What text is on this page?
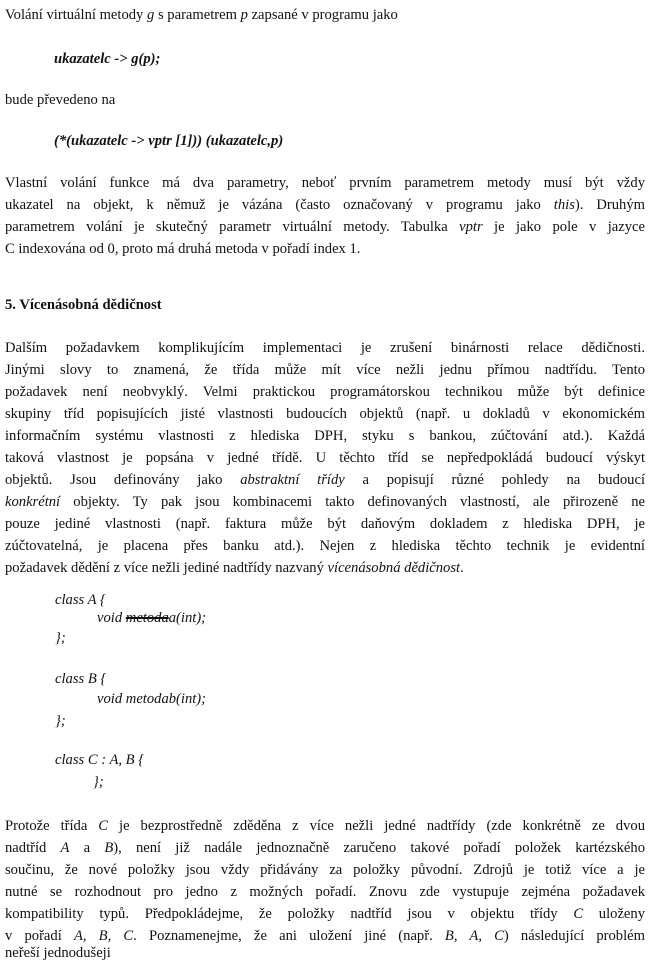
Volání virtuální metody g s parametrem p zapsané v programu jako
ukazatelc -> g(p);
bude převedeno na
(*(ukazatelc -> vptr [1])) (ukazatelc,p)
Vlastní volání funkce má dva parametry, neboť prvním parametrem metody musí být vždy
ukazatel na objekt, k němuž je vázána (často označovaný v programu jako this). Druhým
parametrem volání je skutečný parametr virtuální metody. Tabulka vptr je jako pole v jazyce
C indexována od 0, proto má druhá metoda v pořadí index 1.
5. Vícenásobná dědičnost
Dalším požadavkem komplikujícím implementaci je zrušení binárnosti relace dědičnosti.
Jinými slovy to znamená, že třída může mít více nežli jednu přímou nadtřídu. Tento
požadavek není neobvyklý. Velmi praktickou programátorskou technikou může být definice
skupiny tříd popisujících jisté vlastnosti budoucích objektů (např. u dokladů v ekonomickém
informačním systému vlastnosti z hlediska DPH, styku s bankou, zúčtování atd.). Každá
taková vlastnost je popsána v jedné třídě. U těchto tříd se nepředpokládá budoucí výskyt
objektů. Jsou definovány jako abstraktní třídy a popisují různé pohledy na budoucí
konkrétní objekty. Ty pak jsou kombinacemi takto definovaných vlastností, ale přirozeně ne
pouze jediné vlastnosti (např. faktura může být daňovým dokladem z hlediska DPH, je
zúčtovatelná, je placena přes banku atd.). Nejen z hlediska těchto technik je evidentní
požadavek dědění z více nežli jediné nadtřídy nazvaný vícenásobná dědičnost.
class A {
void metodaa(int);
};
class B {
void metodab(int);
};
class C : A, B {
};
Protože třída C je bezprostředně zděděna z více nežli jedné nadtřídy (zde konkrétně ze dvou
nadtříd A a B), není již nadále jednoznačně zaručeno takové pořadí položek kartézského
součinu, že nové položky jsou vždy přidávány za položky původní. Zdrojů je totiž více a je
nutné se rozhodnout pro jedno z možných pořadí. Znovu zde vystupuje zejména požadavek
kompatibility typů. Předpokládejme, že položky nadtříd jsou v objektu třídy C uloženy
v pořadí A, B, C. Poznamenejme, že ani uložení jiné (např. B, A, C) následující problém
neřeší jednodušeji
